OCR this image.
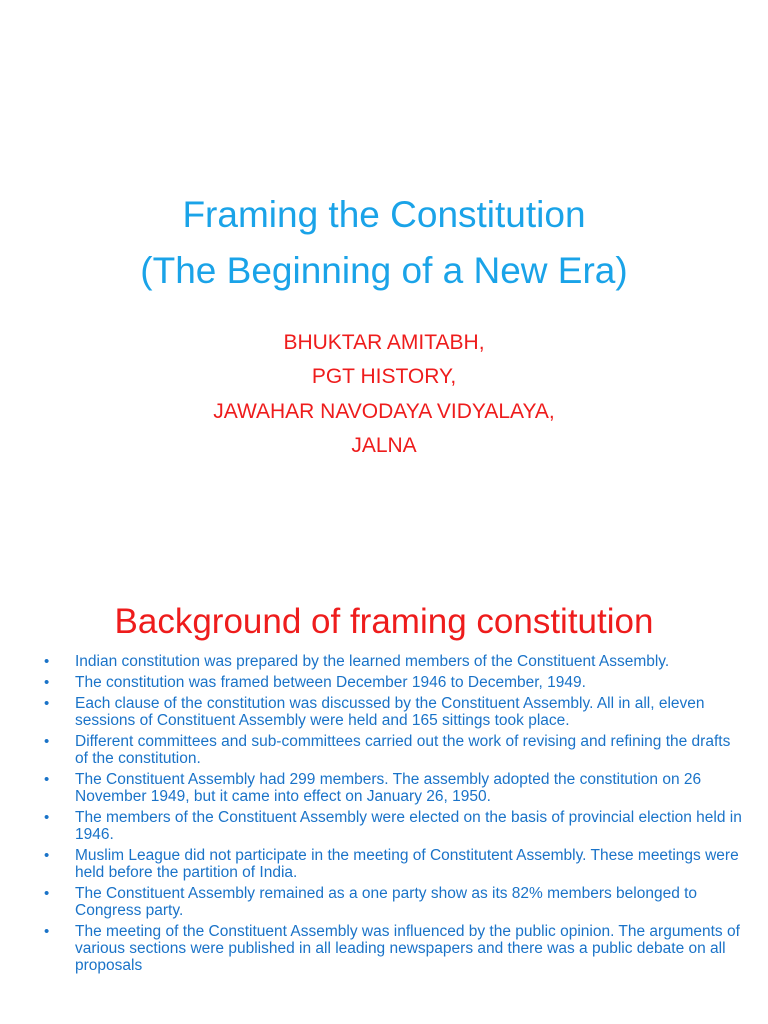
Framing the Constitution
(The Beginning of a New Era)
BHUKTAR AMITABH,
PGT HISTORY,
JAWAHAR NAVODAYA VIDYALAYA,
JALNA
Background of framing constitution
• Indian constitution was prepared by the learned members of the Constituent Assembly.
• The constitution was framed between December 1946 to December, 1949.
• Each clause of the constitution was discussed by the Constituent Assembly. All in all, eleven sessions of Constituent Assembly were held and 165 sittings took place.
• Different committees and sub-committees carried out the work of revising and refining the drafts of the constitution.
• The Constituent Assembly had 299 members. The assembly adopted the constitution on 26 November 1949, but it came into effect on January 26, 1950.
• The members of the Constituent Assembly were elected on the basis of provincial election held in 1946.
• Muslim League did not participate in the meeting of Constitutent Assembly. These meetings were held before the partition of India.
• The Constituent Assembly remained as a one party show as its 82% members belonged to Congress party.
• The meeting of the Constituent Assembly was influenced by the public opinion. The arguments of various sections were published in all leading newspapers and there was a public debate on all proposals
